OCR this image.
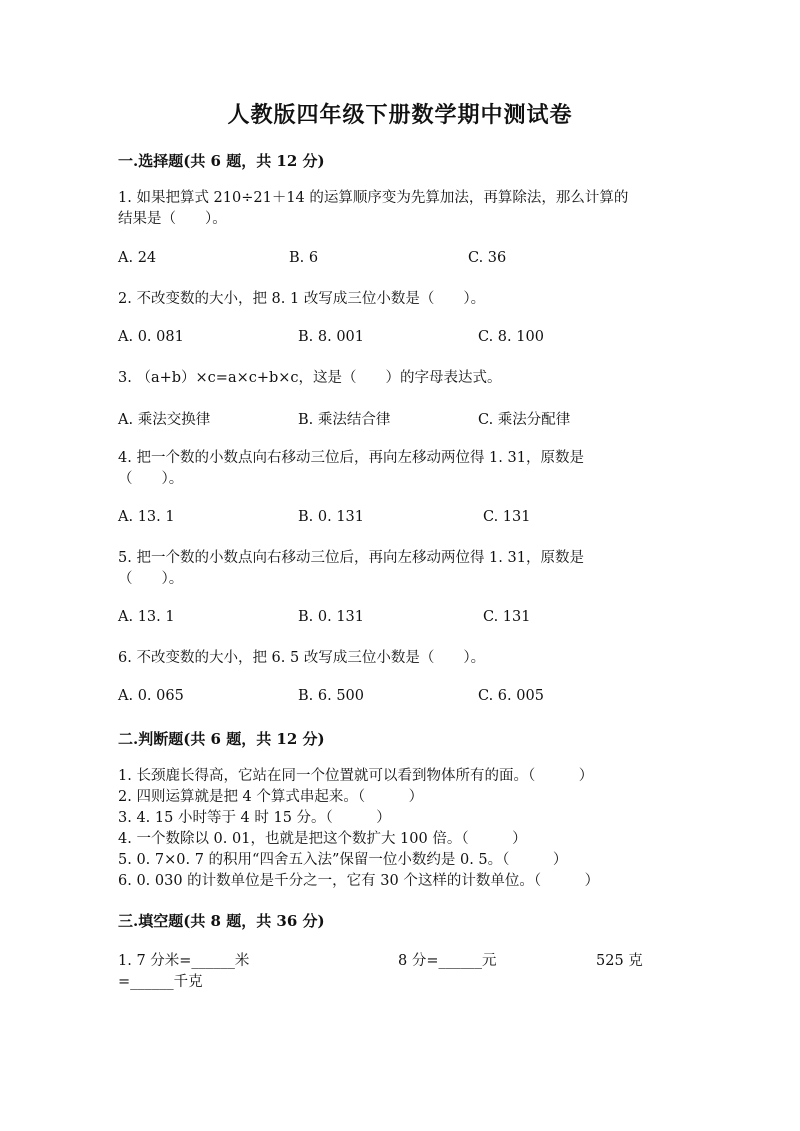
人教版四年级下册数学期中测试卷
一.选择题(共 6 题，共 12 分)
1. 如果把算式 210÷21＋14 的运算顺序变为先算加法，再算除法，那么计算的
结果是（　　）。
A. 24	B. 6	C. 36
2. 不改变数的大小，把 8. 1 改写成三位小数是（　　）。
A. 0. 081	B. 8. 001	C. 8. 100
3. （a+b）×c=a×c+b×c，这是（　　）的字母表达式。
A. 乘法交换律	B. 乘法结合律	C. 乘法分配律
4. 把一个数的小数点向右移动三位后，再向左移动两位得 1. 31，原数是
（　　）。
A. 13. 1	B. 0. 131	C. 131
5. 把一个数的小数点向右移动三位后，再向左移动两位得 1. 31，原数是
（　　）。
A. 13. 1	B. 0. 131	C. 131
6. 不改变数的大小，把 6. 5 改写成三位小数是（　　）。
A. 0. 065	B. 6. 500	C. 6. 005
二.判断题(共 6 题，共 12 分)
1. 长颈鹿长得高，它站在同一个位置就可以看到物体所有的面。（　　　）
2. 四则运算就是把 4 个算式串起来。（　　　）
3. 4. 15 小时等于 4 时 15 分。（　　　）
4. 一个数除以 0. 01，也就是把这个数扩大 100 倍。（　　　）
5. 0. 7×0. 7 的积用“四舍五入法”保留一位小数约是 0. 5。（　　　）
6. 0. 030 的计数单位是千分之一，它有 30 个这样的计数单位。（　　　）
三.填空题(共 8 题，共 36 分)
1. 7 分米=______米	8 分=______元	525 克
=______千克
